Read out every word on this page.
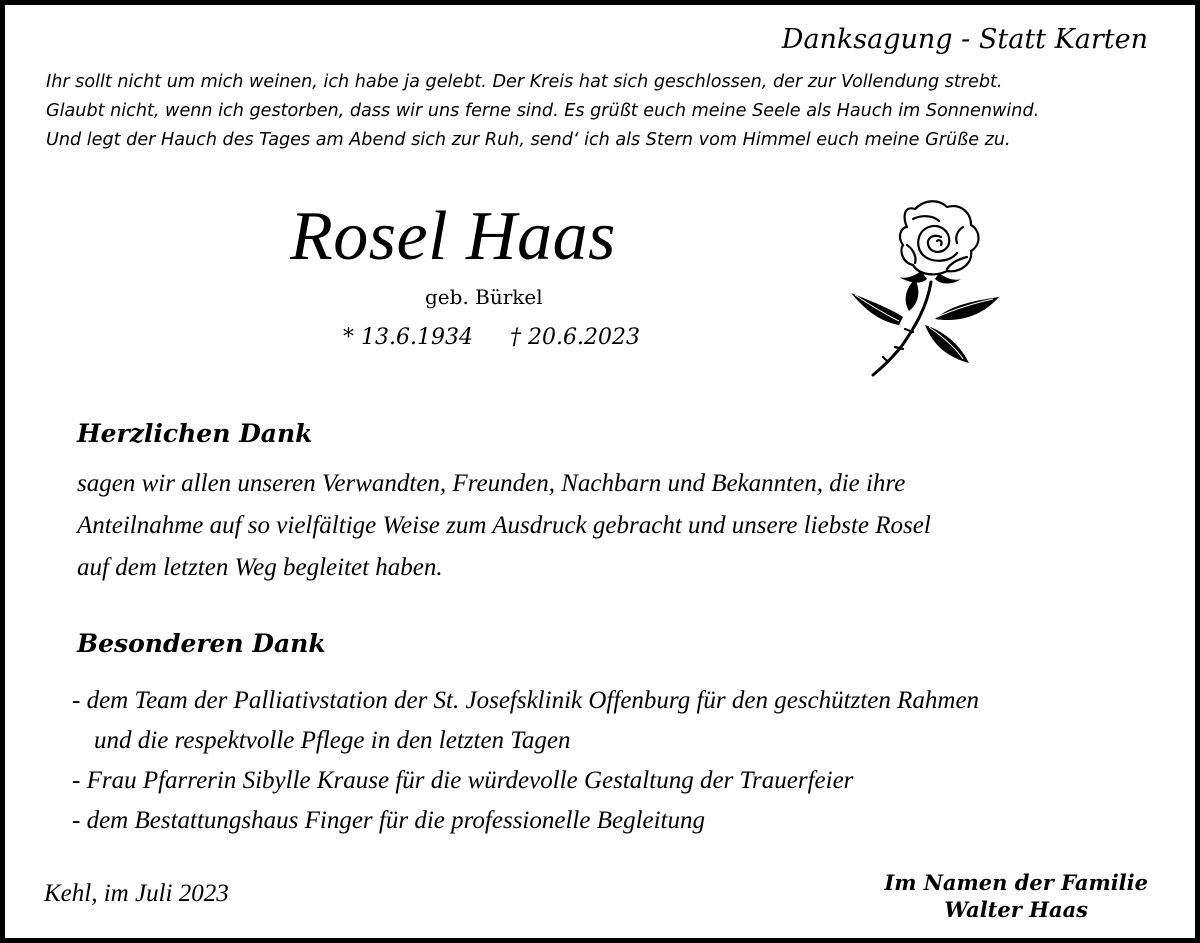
Danksagung - Statt Karten
Ihr sollt nicht um mich weinen, ich habe ja gelebt. Der Kreis hat sich geschlossen, der zur Vollendung strebt.
Glaubt nicht, wenn ich gestorben, dass wir uns ferne sind. Es grüßt euch meine Seele als Hauch im Sonnenwind.
Und legt der Hauch des Tages am Abend sich zur Ruh, send‘ ich als Stern vom Himmel euch meine Grüße zu.
Rosel Haas
geb. Bürkel
* 13.6.1934 † 20.6.2023
Herzlichen Dank
sagen wir allen unseren Verwandten, Freunden, Nachbarn und Bekannten, die ihre
Anteilnahme auf so vielfältige Weise zum Ausdruck gebracht und unsere liebste Rosel
auf dem letzten Weg begleitet haben.
Besonderen Dank
- dem Team der Palliativstation der St. Josefsklinik Offenburg für den geschützten Rahmen
und die respektvolle Pflege in den letzten Tagen
- Frau Pfarrerin Sibylle Krause für die würdevolle Gestaltung der Trauerfeier
- dem Bestattungshaus Finger für die professionelle Begleitung
Kehl, im Juli 2023	Im Namen der Familie
Walter Haas
